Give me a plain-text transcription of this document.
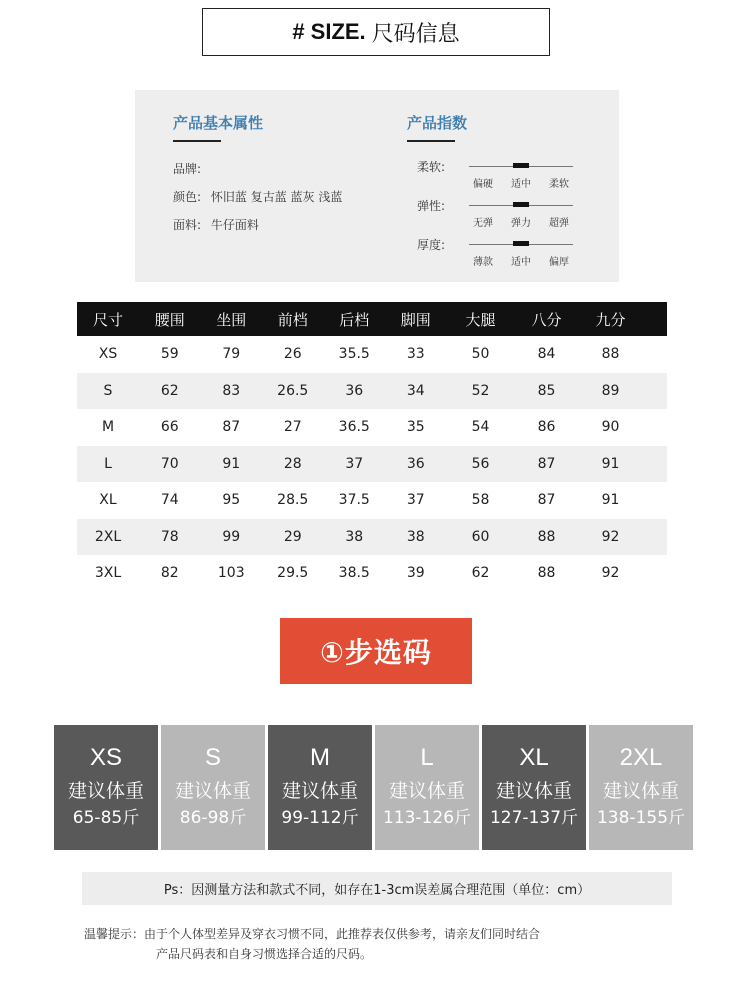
# SIZE. 尺码信息
产品基本属性
品牌:
颜色: 怀旧蓝 复古蓝 蓝灰 浅蓝
面料: 牛仔面料
产品指数
柔软:
偏硬	适中	柔软
弹性:
无弹	弹力	超弹
厚度:
薄款	适中	偏厚
尺寸	腰围	坐围	前档	后档	脚围	大腿	八分	九分
XS	59	79	26	35.5	33	50	84	88
S	62	83	26.5	36	34	52	85	89
M	66	87	27	36.5	35	54	86	90
L	70	91	28	37	36	56	87	91
XL	74	95	28.5	37.5	37	58	87	91
2XL	78	99	29	38	38	60	88	92
3XL	82	103	29.5	38.5	39	62	88	92
①步选码
XS
建议体重
65-85斤
S
建议体重
86-98斤
M
建议体重
99-112斤
L
建议体重
113-126斤
XL
建议体重
127-137斤
2XL
建议体重
138-155斤
Ps：因测量方法和款式不同，如存在1-3cm误差属合理范围（单位：cm）
温馨提示：由于个人体型差异及穿衣习惯不同，此推荐表仅供参考，请亲友们同时结合
产品尺码表和自身习惯选择合适的尺码。
